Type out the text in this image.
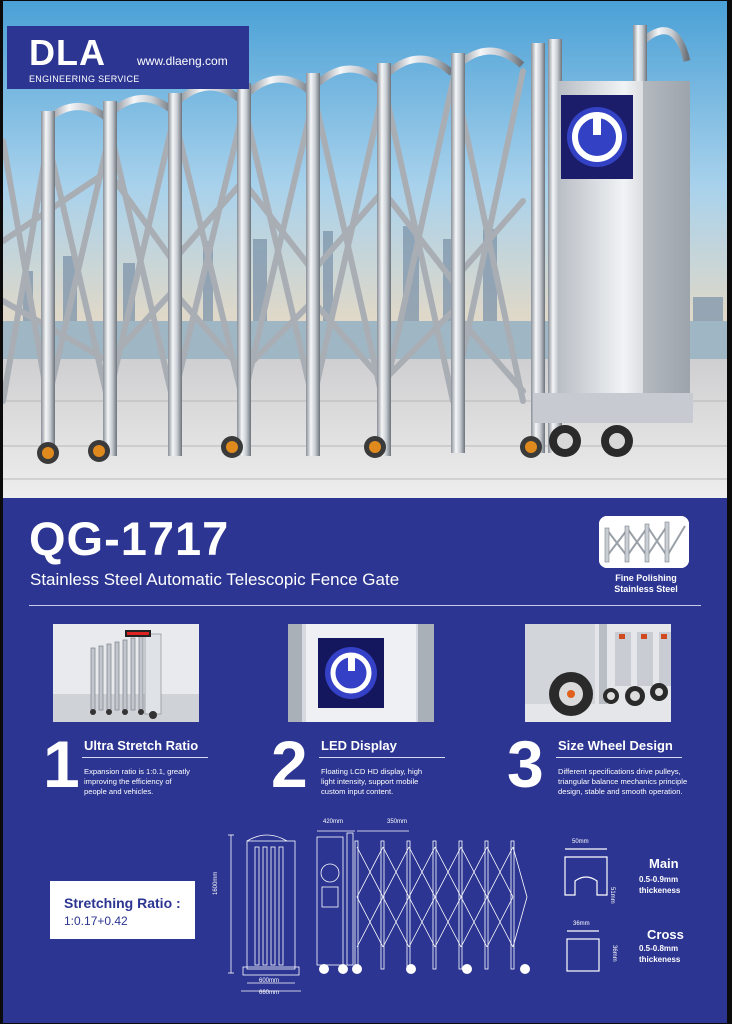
DLA
ENGINEERING SERVICE
www.dlaeng.com
QG-1717
Stainless Steel Automatic Telescopic Fence Gate	Fine Polishing
Stainless Steel
1 Ultra Stretch Ratio
Expansion ratio is 1:0.1, greatly
improving the efficiency of
people and vehicles.	2 LED Display
Floating LCD HD display, high
light intensity, support mobile
custom input content.	3 Size Wheel Design
Different specifications drive pulleys,
triangular balance mechanics principle
design, stable and smooth operation.
Stretching Ratio :
1:0.17+0.42
1600mm
600mm
660mm
420mm	350mm
50mm
51mm
Main
0.5-0.9mm
thickeness
36mm
36mm
Cross
0.5-0.8mm
thickeness
